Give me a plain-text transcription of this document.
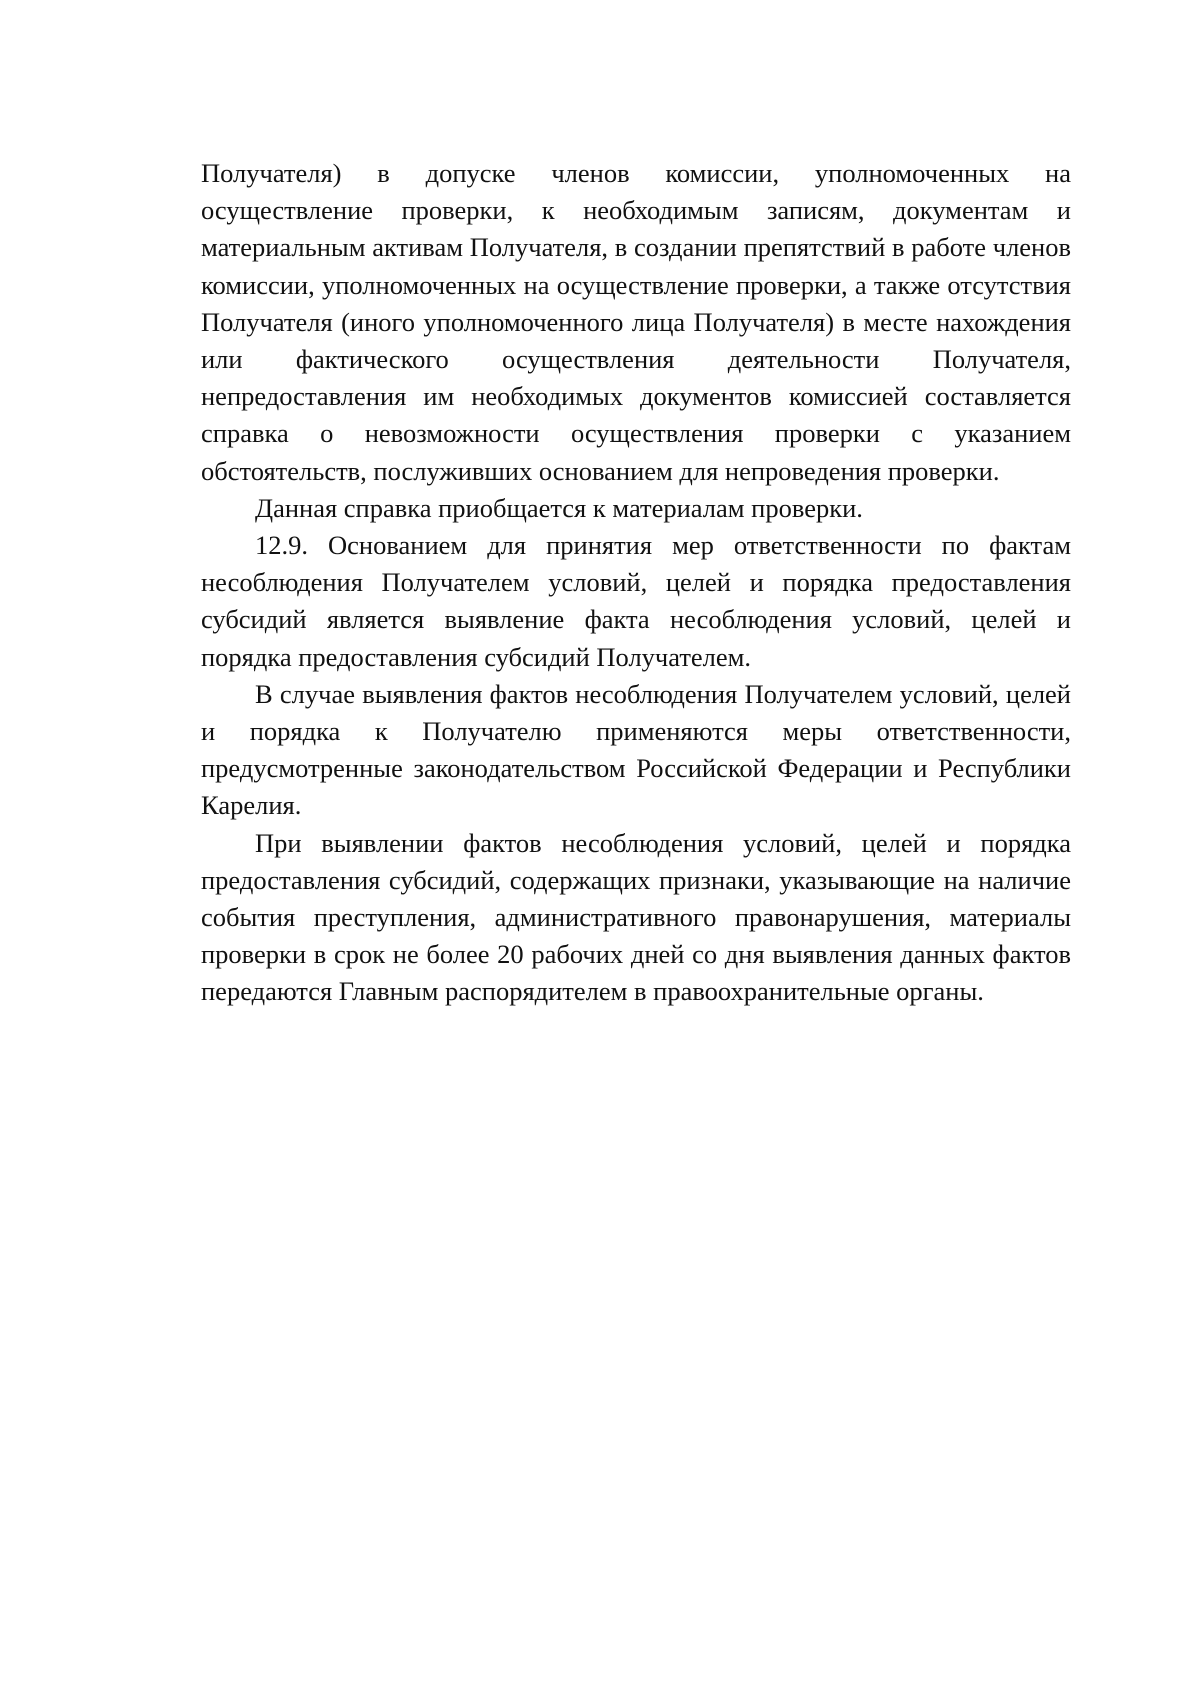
Получателя) в допуске членов комиссии, уполномоченных на осуществление проверки, к необходимым записям, документам и материальным активам Получателя, в создании препятствий в работе членов комиссии, уполномоченных на осуществление проверки, а также отсутствия Получателя (иного уполномоченного лица Получателя) в месте нахождения или фактического осуществления деятельности Получателя, непредоставления им необходимых документов комиссией составляется справка о невозможности осуществления проверки с указанием обстоятельств, послуживших основанием для непроведения проверки.

Данная справка приобщается к материалам проверки.

12.9. Основанием для принятия мер ответственности по фактам несоблюдения Получателем условий, целей и порядка предоставления субсидий является выявление факта несоблюдения условий, целей и порядка предоставления субсидий Получателем.

В случае выявления фактов несоблюдения Получателем условий, целей и порядка к Получателю применяются меры ответственности, предусмотренные законодательством Российской Федерации и Республики Карелия.

При выявлении фактов несоблюдения условий, целей и порядка предоставления субсидий, содержащих признаки, указывающие на наличие события преступления, административного правонарушения, материалы проверки в срок не более 20 рабочих дней со дня выявления данных фактов передаются Главным распорядителем в правоохранительные органы.
